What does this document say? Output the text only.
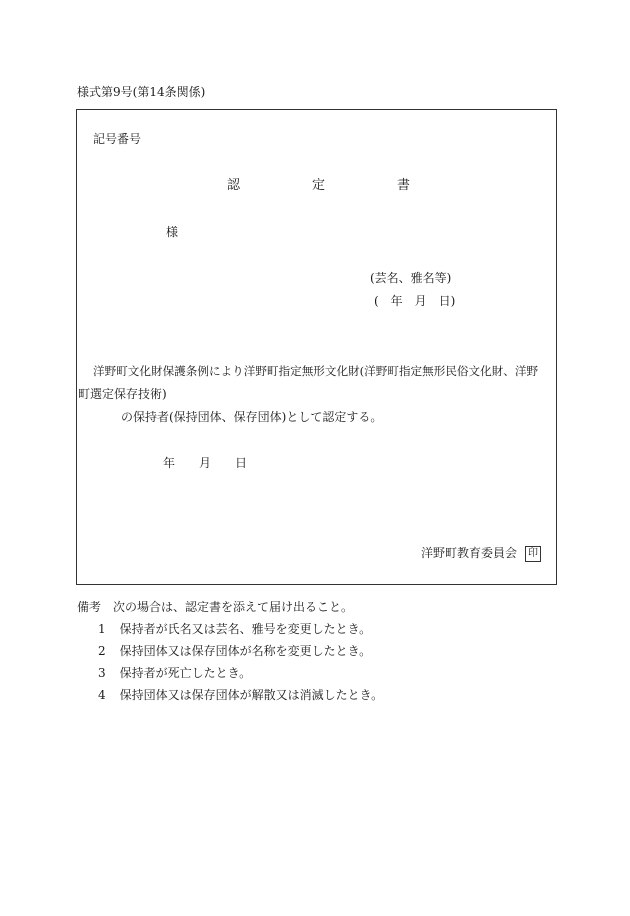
様式第9号(第14条関係)
記号番号
認	定	書
様
(芸名、雅名等)
(　年　月　日)
洋野町文化財保護条例により洋野町指定無形文化財(洋野町指定無形民俗文化財、洋野
町選定保存技術)
の保持者(保持団体、保存団体)として認定する。
年　　月　　日
洋野町教育委員会 印
備考 次の場合は、認定書を添えて届け出ること。
1 保持者が氏名又は芸名、雅号を変更したとき。
2 保持団体又は保存団体が名称を変更したとき。
3 保持者が死亡したとき。
4 保持団体又は保存団体が解散又は消滅したとき。
